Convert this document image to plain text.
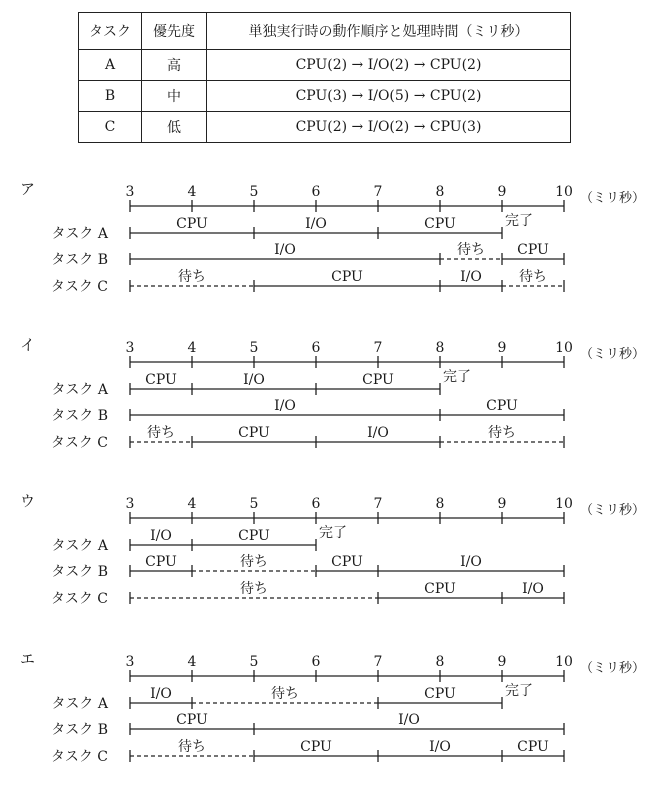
タスク	優先度	単独実行時の動作順序と処理時間（ミリ秒）
A	高	CPU(2) → I/O(2) → CPU(2)
B	中	CPU(3) → I/O(5) → CPU(2)
C	低	CPU(2) → I/O(2) → CPU(3)
ア	3	4	5	6	7	8	9	10 （ミリ秒）
タスク A
CPU	I/O	CPU	完了
タスク B
I/O	待ち CPU
タスク C
待ち	CPU	I/O	待ち
イ	3	4	5	6	7	8	9	10 （ミリ秒）
タスク A
CPU	I/O	CPU	完了
タスク B
I/O	CPU
タスク C
待ち	CPU	I/O	待ち
ウ	3	4	5	6	7	8	9	10 （ミリ秒）
タスク A
I/O	CPU	完了
タスク B
CPU	待ち	CPU	I/O
タスク C
待ち	CPU	I/O
エ	3	4	5	6	7	8	9	10 （ミリ秒）
タスク A
I/O	待ち	CPU	完了
タスク B
CPU	I/O
タスク C
待ち	CPU	I/O	CPU
